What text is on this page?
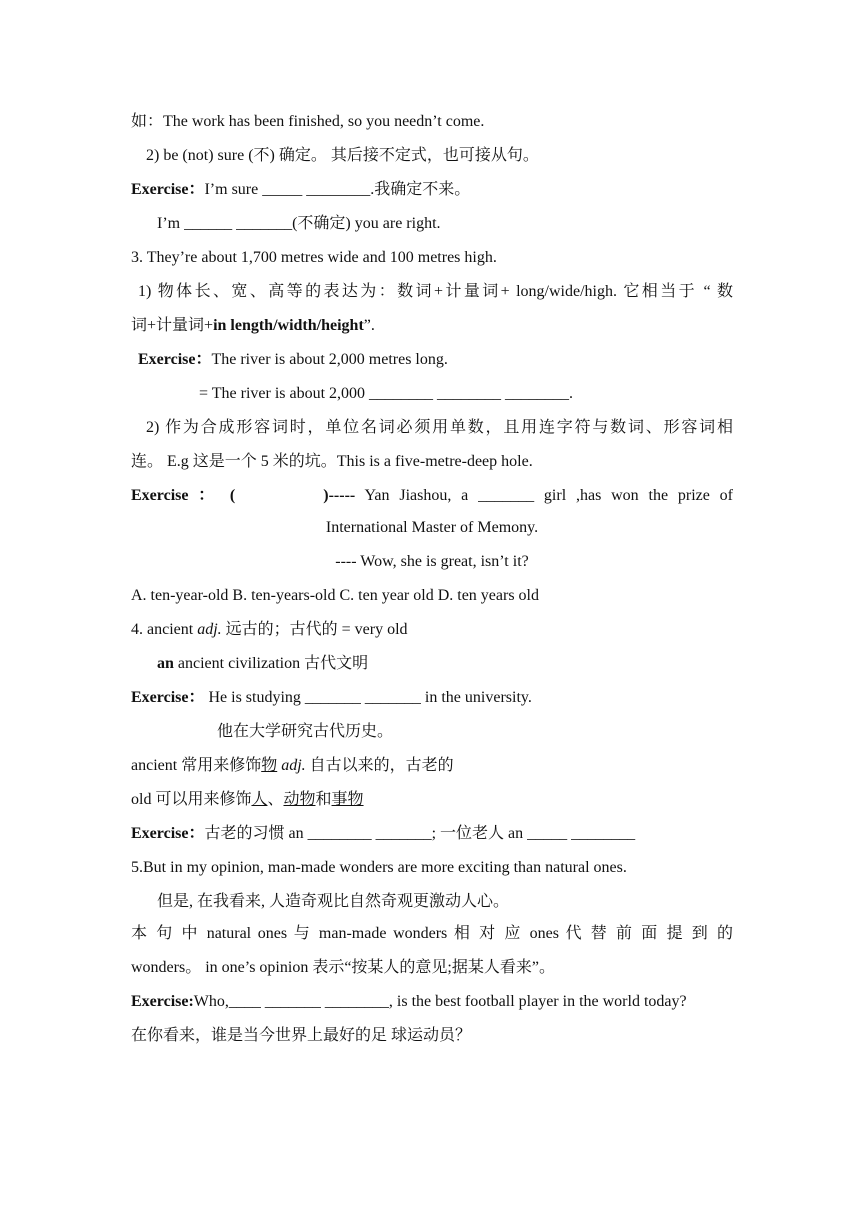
如：The work has been finished, so you needn’t come.
2) be (not) sure (不) 确定。 其后接不定式，也可接从句。
Exercise：I’m sure _____ ________.我确定不来。
I’m ______ _______(不确定) you are right.
3. They’re about 1,700 metres wide and 100 metres high.
1) 物体长、宽、高等的表达为：数词+计量词+ long/wide/high. 它相当于 “ 数
词+计量词+in length/width/height”.
Exercise：The river is about 2,000 metres long.
= The river is about 2,000 ________ ________ ________.
2) 作为合成形容词时，单位名词必须用单数，且用连字符与数词、形容词相
连。 E.g 这是一个 5 米的坑。This is a five-metre-deep hole.
Exercise ： (	)----- Yan Jiashou, a _______ girl ,has won the prize of
International Master of Memony.
---- Wow, she is great, isn’t it?
A. ten-year-old B. ten-years-old C. ten year old D. ten years old
4. ancient adj. 远古的；古代的 = very old
an ancient civilization 古代文明
Exercise： He is studying _______ _______ in the university.
他在大学研究古代历史。
ancient 常用来修饰物 adj. 自古以来的，古老的
old 可以用来修饰人、动物和事物
Exercise：古老的习惯 an ________ _______; 一位老人 an _____ ________
5.But in my opinion, man-made wonders are more exciting than natural ones.
但是, 在我看来, 人造奇观比自然奇观更激动人心。
本 句 中 natural ones 与 man-made wonders 相 对 应 ones 代 替 前 面 提 到 的
wonders。 in one’s opinion 表示“按某人的意见;据某人看来”。
Exercise:Who,____ _______ ________, is the best football player in the world today?
在你看来，谁是当今世界上最好的足 球运动员？
